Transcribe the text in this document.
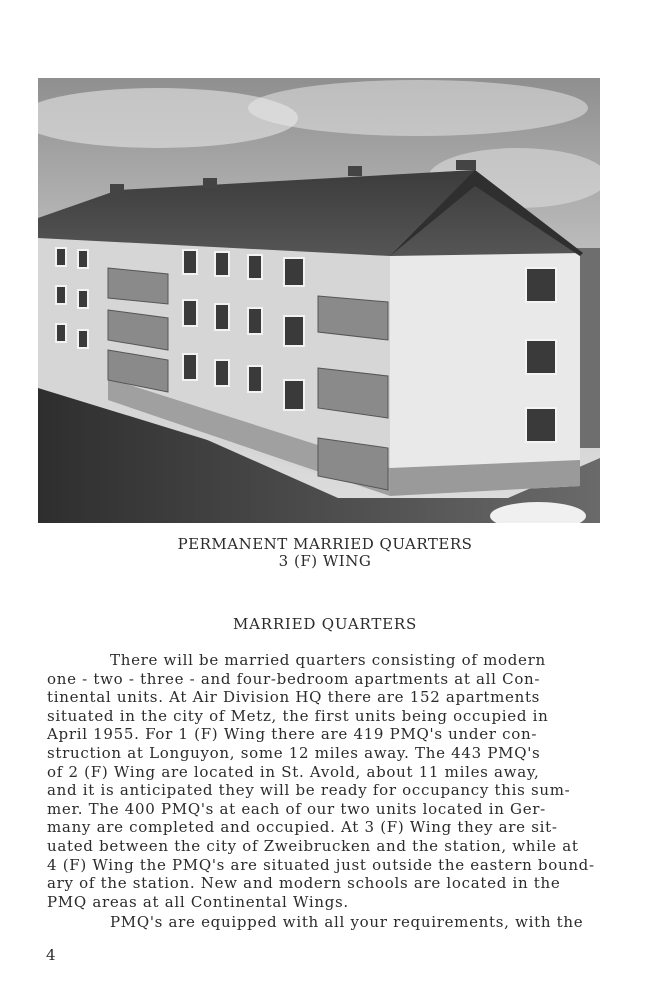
PERMANENT MARRIED QUARTERS
3 (F) WING
MARRIED QUARTERS
There will be married quarters consisting of modern
one - two - three - and four-bedroom apartments at all Con-
tinental units. At Air Division HQ there are 152 apartments
situated in the city of Metz, the first units being occupied in
April 1955. For 1 (F) Wing there are 419 PMQ's under con-
struction at Longuyon, some 12 miles away. The 443 PMQ's
of 2 (F) Wing are located in St. Avold, about 11 miles away,
and it is anticipated they will be ready for occupancy this sum-
mer. The 400 PMQ's at each of our two units located in Ger-
many are completed and occupied. At 3 (F) Wing they are sit-
uated between the city of Zweibrucken and the station, while at
4 (F) Wing the PMQ's are situated just outside the eastern bound-
ary of the station. New and modern schools are located in the
PMQ areas at all Continental Wings.
PMQ's are equipped with all your requirements, with the
4
